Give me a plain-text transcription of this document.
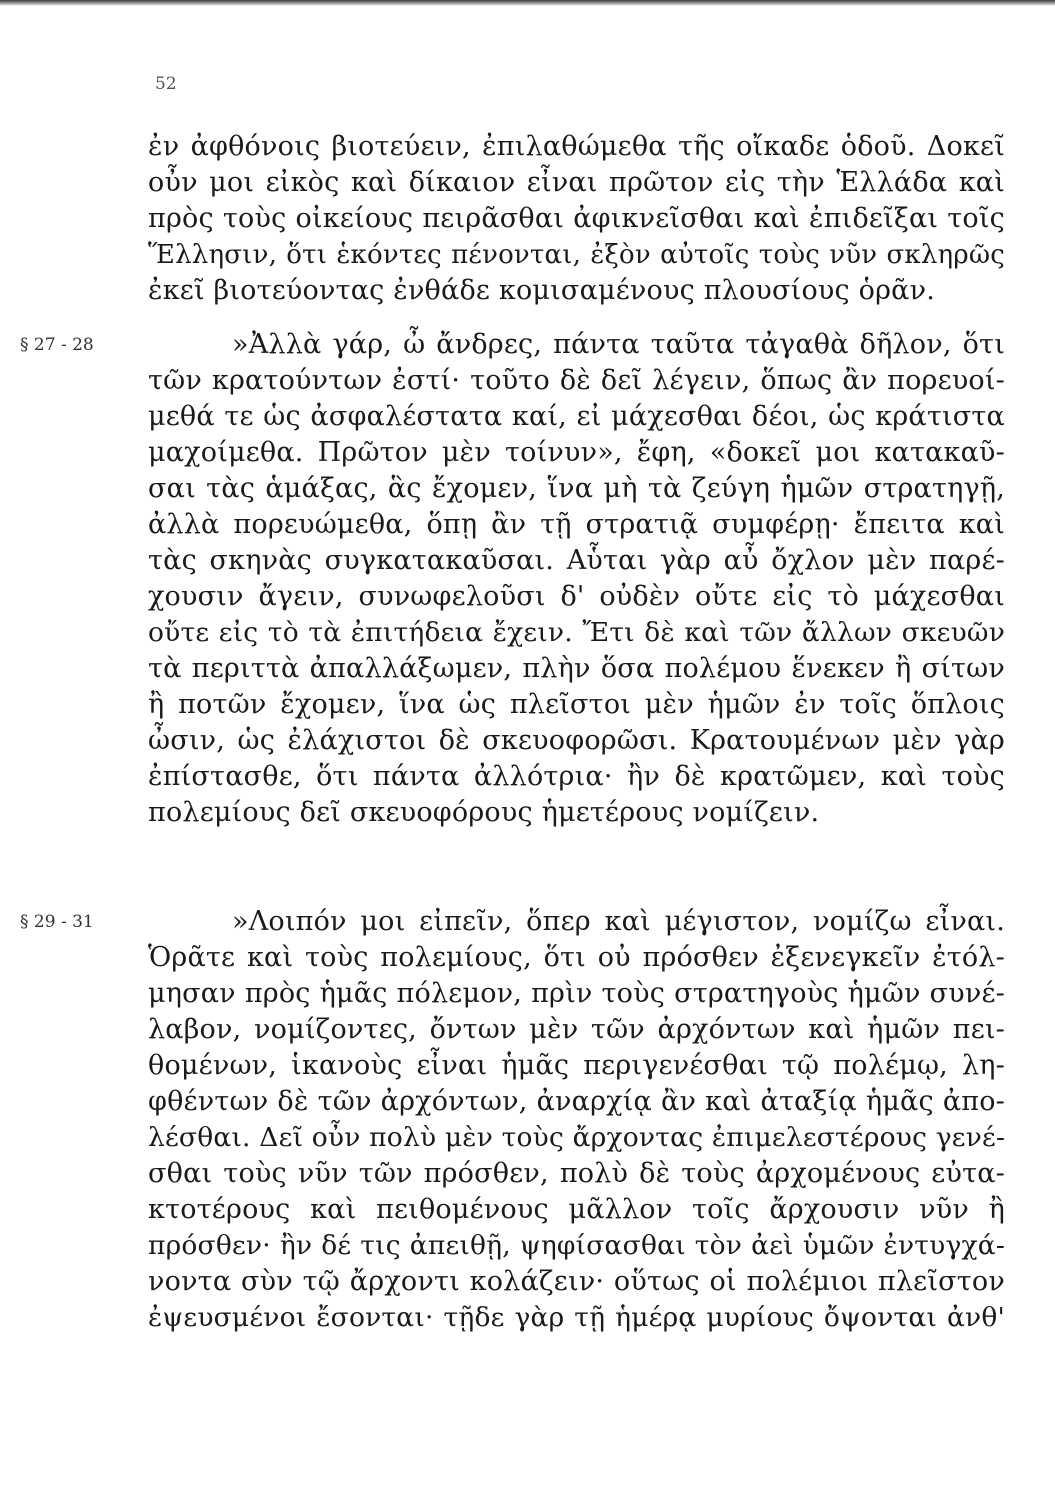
52
§ 27 - 28
§ 29 - 31
ἐν ἀφθόνοις βιοτεύειν, ἐπιλαθώμεθα τῆς οἴκαδε ὁδοῦ. Δοκεῖ
οὖν μοι εἰκὸς καὶ δίκαιον εἶναι πρῶτον εἰς τὴν Ἑλλάδα καὶ
πρὸς τοὺς οἰκείους πειρᾶσθαι ἀφικνεῖσθαι καὶ ἐπιδεῖξαι τοῖς
Ἕλλησιν, ὅτι ἑκόντες πένονται, ἐξὸν αὐτοῖς τοὺς νῦν σκληρῶς
ἐκεῖ βιοτεύοντας ἐνθάδε κομισαμένους πλουσίους ὁρᾶν.
»Ἀλλὰ γάρ, ὦ ἄνδρες, πάντα ταῦτα τἀγαθὰ δῆλον, ὅτι
τῶν κρατούντων ἐστί· τοῦτο δὲ δεῖ λέγειν, ὅπως ἂν πορευοί-
μεθά τε ὡς ἀσφαλέστατα καί, εἰ μάχεσθαι δέοι, ὡς κράτιστα
μαχοίμεθα. Πρῶτον μὲν τοίνυν», ἔφη, «δοκεῖ μοι κατακαῦ-
σαι τὰς ἁμάξας, ἃς ἔχομεν, ἵνα μὴ τὰ ζεύγη ἡμῶν στρατηγῇ,
ἀλλὰ πορευώμεθα, ὅπῃ ἂν τῇ στρατιᾷ συμφέρῃ· ἔπειτα καὶ
τὰς σκηνὰς συγκατακαῦσαι. Αὗται γὰρ αὖ ὄχλον μὲν παρέ-
χουσιν ἄγειν, συνωφελοῦσι δ' οὐδὲν οὔτε εἰς τὸ μάχεσθαι
οὔτε εἰς τὸ τὰ ἐπιτήδεια ἔχειν. Ἔτι δὲ καὶ τῶν ἄλλων σκευῶν
τὰ περιττὰ ἀπαλλάξωμεν, πλὴν ὅσα πολέμου ἕνεκεν ἢ σίτων
ἢ ποτῶν ἔχομεν, ἵνα ὡς πλεῖστοι μὲν ἡμῶν ἐν τοῖς ὅπλοις
ὦσιν, ὡς ἐλάχιστοι δὲ σκευοφορῶσι. Κρατουμένων μὲν γὰρ
ἐπίστασθε, ὅτι πάντα ἀλλότρια· ἢν δὲ κρατῶμεν, καὶ τοὺς
πολεμίους δεῖ σκευοφόρους ἡμετέρους νομίζειν.
»Λοιπόν μοι εἰπεῖν, ὅπερ καὶ μέγιστον, νομίζω εἶναι.
Ὁρᾶτε καὶ τοὺς πολεμίους, ὅτι οὐ πρόσθεν ἐξενεγκεῖν ἐτόλ-
μησαν πρὸς ἡμᾶς πόλεμον, πρὶν τοὺς στρατηγοὺς ἡμῶν συνέ-
λαβον, νομίζοντες, ὄντων μὲν τῶν ἀρχόντων καὶ ἡμῶν πει-
θομένων, ἱκανοὺς εἶναι ἡμᾶς περιγενέσθαι τῷ πολέμῳ, λη-
φθέντων δὲ τῶν ἀρχόντων, ἀναρχίᾳ ἂν καὶ ἀταξίᾳ ἡμᾶς ἀπο-
λέσθαι. Δεῖ οὖν πολὺ μὲν τοὺς ἄρχοντας ἐπιμελεστέρους γενέ-
σθαι τοὺς νῦν τῶν πρόσθεν, πολὺ δὲ τοὺς ἀρχομένους εὐτα-
κτοτέρους καὶ πειθομένους μᾶλλον τοῖς ἄρχουσιν νῦν ἢ
πρόσθεν· ἢν δέ τις ἀπειθῇ, ψηφίσασθαι τὸν ἀεὶ ὑμῶν ἐντυγχά-
νοντα σὺν τῷ ἄρχοντι κολάζειν· οὕτως οἱ πολέμιοι πλεῖστον
ἐψευσμένοι ἔσονται· τῇδε γὰρ τῇ ἡμέρᾳ μυρίους ὄψονται ἀνθ'
